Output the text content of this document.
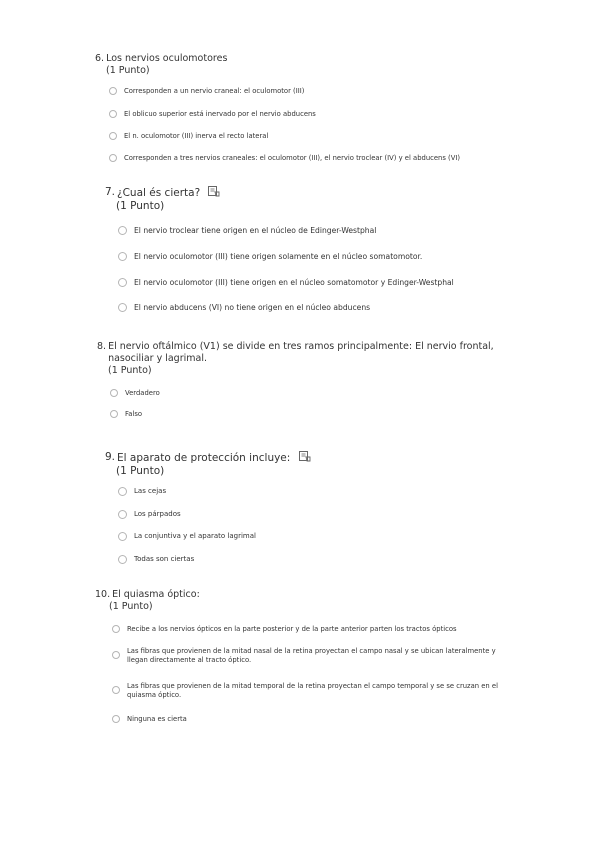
6. Los nervios oculomotores
(1 Punto)
Corresponden a un nervio craneal: el oculomotor (III)
El oblicuo superior está inervado por el nervio abducens
El n. oculomotor (III) inerva el recto lateral
Corresponden a tres nervios craneales: el oculomotor (III), el nervio troclear (IV) y el abducens (VI)
7. ¿Cual és cierta?
(1 Punto)
El nervio troclear tiene origen en el núcleo de Edinger-Westphal
El nervio oculomotor (III) tiene origen solamente en el núcleo somatomotor.
El nervio oculomotor (III) tiene origen en el núcleo somatomotor y Edinger-Westphal
El nervio abducens (VI) no tiene origen en el núcleo abducens
8. El nervio oftálmico (V1) se divide en tres ramos principalmente: El nervio frontal, nasociliar y lagrimal.
(1 Punto)
Verdadero
Falso
9. El aparato de protección incluye:
(1 Punto)
Las cejas
Los párpados
La conjuntiva y el aparato lagrimal
Todas son ciertas
10. El quiasma óptico:
(1 Punto)
Recibe a los nervios ópticos en la parte posterior y de la parte anterior parten los tractos ópticos
Las fibras que provienen de la mitad nasal de la retina proyectan el campo nasal y se ubican lateralmente y llegan directamente al tracto óptico.
Las fibras que provienen de la mitad temporal de la retina proyectan el campo temporal y se se cruzan en el quiasma óptico.
Ninguna es cierta
